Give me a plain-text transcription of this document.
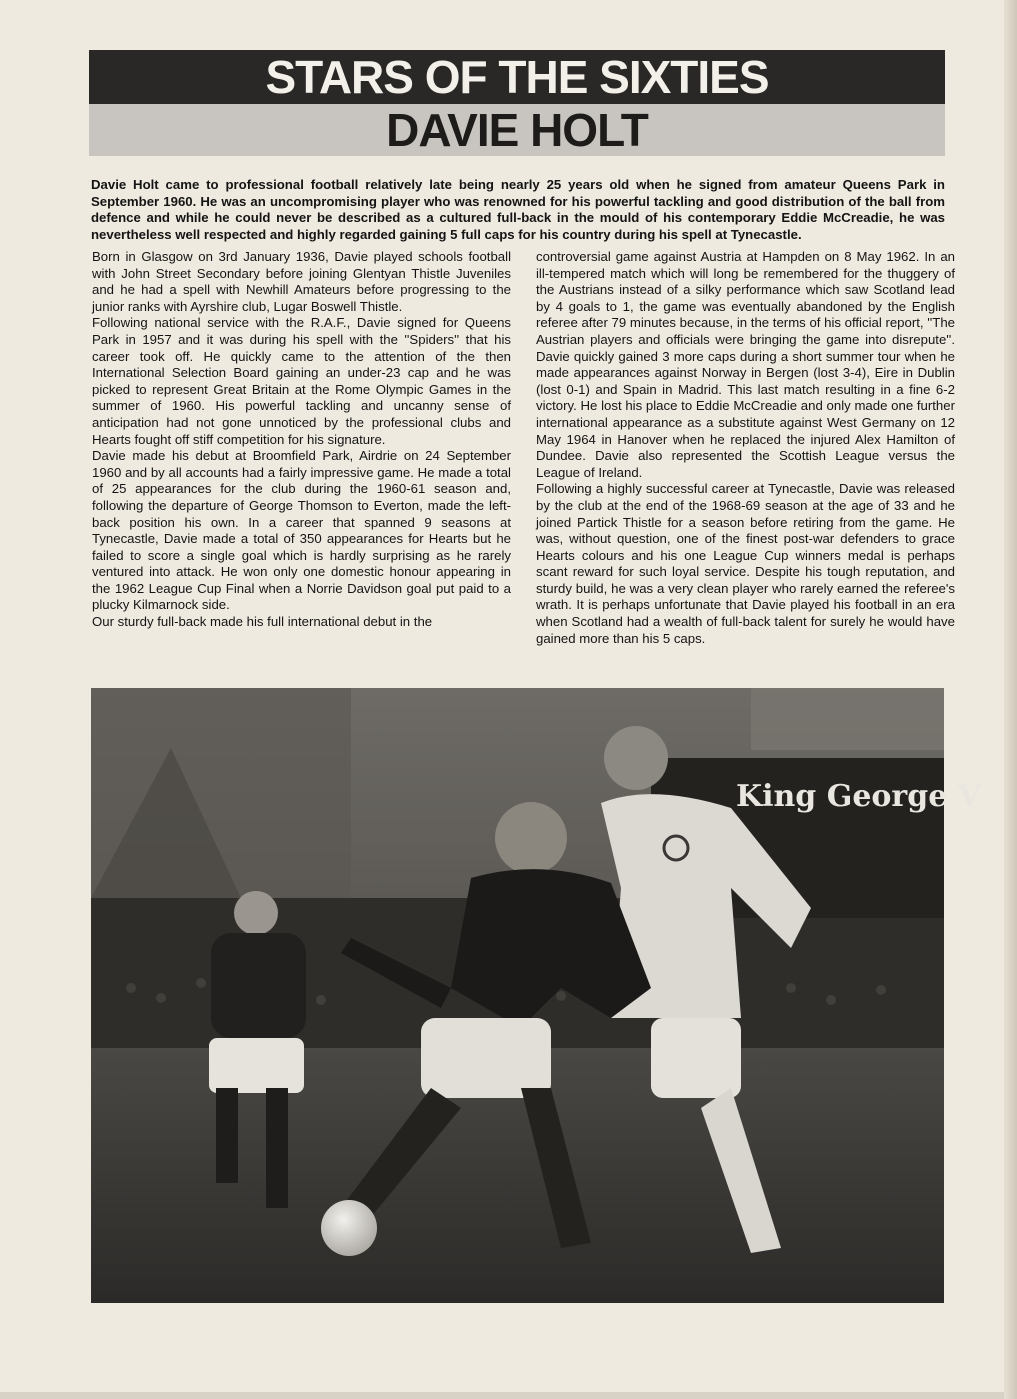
STARS OF THE SIXTIES
DAVIE HOLT

Davie Holt came to professional football relatively late being nearly 25 years old when he signed from amateur Queens Park in September 1960. He was an uncompromising player who was renowned for his powerful tackling and good distribution of the ball from defence and while he could never be described as a cultured full-back in the mould of his contemporary Eddie McCreadie, he was nevertheless well respected and highly regarded gaining 5 full caps for his country during his spell at Tynecastle.

Born in Glasgow on 3rd January 1936, Davie played schools football with John Street Secondary before joining Glentyan Thistle Juveniles and he had a spell with Newhill Amateurs before progressing to the junior ranks with Ayrshire club, Lugar Boswell Thistle.

Following national service with the R.A.F., Davie signed for Queens Park in 1957 and it was during his spell with the ''Spiders'' that his career took off. He quickly came to the attention of the then International Selection Board gaining an under-23 cap and he was picked to represent Great Britain at the Rome Olympic Games in the summer of 1960. His powerful tackling and uncanny sense of anticipation had not gone unnoticed by the professional clubs and Hearts fought off stiff competition for his signature.

Davie made his debut at Broomfield Park, Airdrie on 24 September 1960 and by all accounts had a fairly impressive game. He made a total of 25 appearances for the club during the 1960-61 season and, following the departure of George Thomson to Everton, made the left-back position his own. In a career that spanned 9 seasons at Tynecastle, Davie made a total of 350 appearances for Hearts but he failed to score a single goal which is hardly surprising as he rarely ventured into attack. He won only one domestic honour appearing in the 1962 League Cup Final when a Norrie Davidson goal put paid to a plucky Kilmarnock side.

Our sturdy full-back made his full international debut in the

controversial game against Austria at Hampden on 8 May 1962. In an ill-tempered match which will long be remembered for the thuggery of the Austrians instead of a silky performance which saw Scotland lead by 4 goals to 1, the game was eventually abandoned by the English referee after 79 minutes because, in the terms of his official report, ''The Austrian players and officials were bringing the game into disrepute''. Davie quickly gained 3 more caps during a short summer tour when he made appearances against Norway in Bergen (lost 3-4), Eire in Dublin (lost 0-1) and Spain in Madrid. This last match resulting in a fine 6-2 victory. He lost his place to Eddie McCreadie and only made one further international appearance as a substitute against West Germany on 12 May 1964 in Hanover when he replaced the injured Alex Hamilton of Dundee. Davie also represented the Scottish League versus the League of Ireland.

Following a highly successful career at Tynecastle, Davie was released by the club at the end of the 1968-69 season at the age of 33 and he joined Partick Thistle for a season before retiring from the game. He was, without question, one of the finest post-war defenders to grace Hearts colours and his one League Cup winners medal is perhaps scant reward for such loyal service. Despite his tough reputation, and sturdy build, he was a very clean player who rarely earned the referee's wrath. It is perhaps unfortunate that Davie played his football in an era when Scotland had a wealth of full-back talent for surely he would have gained more than his 5 caps.

King George V
